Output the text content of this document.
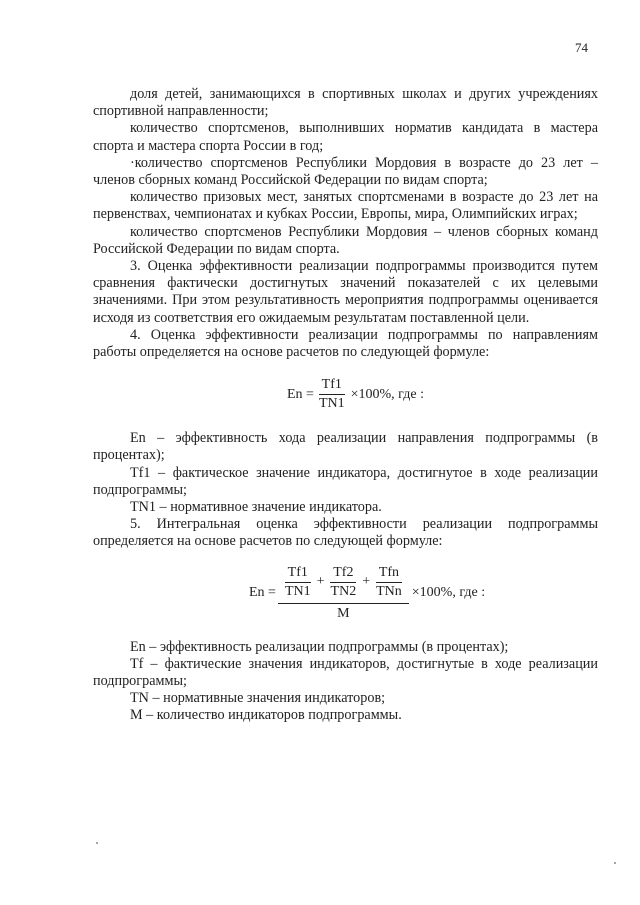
74

доля детей, занимающихся в спортивных школах и других учреждениях спортивной направленности;

количество спортсменов, выполнивших норматив кандидата в мастера спорта и мастера спорта России в год;

·количество спортсменов Республики Мордовия в возрасте до 23 лет – членов сборных команд Российской Федерации по видам спорта;

количество призовых мест, занятых спортсменами в возрасте до 23 лет на первенствах, чемпионатах и кубках России, Европы, мира, Олимпийских играх;

количество спортсменов Республики Мордовия – членов сборных команд Российской Федерации по видам спорта.

3. Оценка эффективности реализации подпрограммы производится путем сравнения фактически достигнутых значений показателей с их целевыми значениями. При этом результативность мероприятия подпрограммы оценивается исходя из соответствия его ожидаемым результатам поставленной цели.

4. Оценка эффективности реализации подпрограммы по направлениям работы определяется на основе расчетов по следующей формуле:

$En = \frac{Tf1}{TN1} \times 100\%$, где :

En – эффективность хода реализации направления подпрограммы (в процентах);

Tf1 – фактическое значение индикатора, достигнутое в ходе реализации подпрограммы;

TN1 – нормативное значение индикатора.

5. Интегральная оценка эффективности реализации подпрограммы определяется на основе расчетов по следующей формуле:

$En = \frac{Tf1}{TN1} + \frac{Tf2}{TN2} + \frac{\text{Tfn}}{\text{TNn}}$
M
×100%, где :

En – эффективность реализации подпрограммы (в процентах);

Tf – фактические значения индикаторов, достигнутые в ходе реализации подпрограммы;

TN – нормативные значения индикаторов;

M – количество индикаторов подпрограммы.
